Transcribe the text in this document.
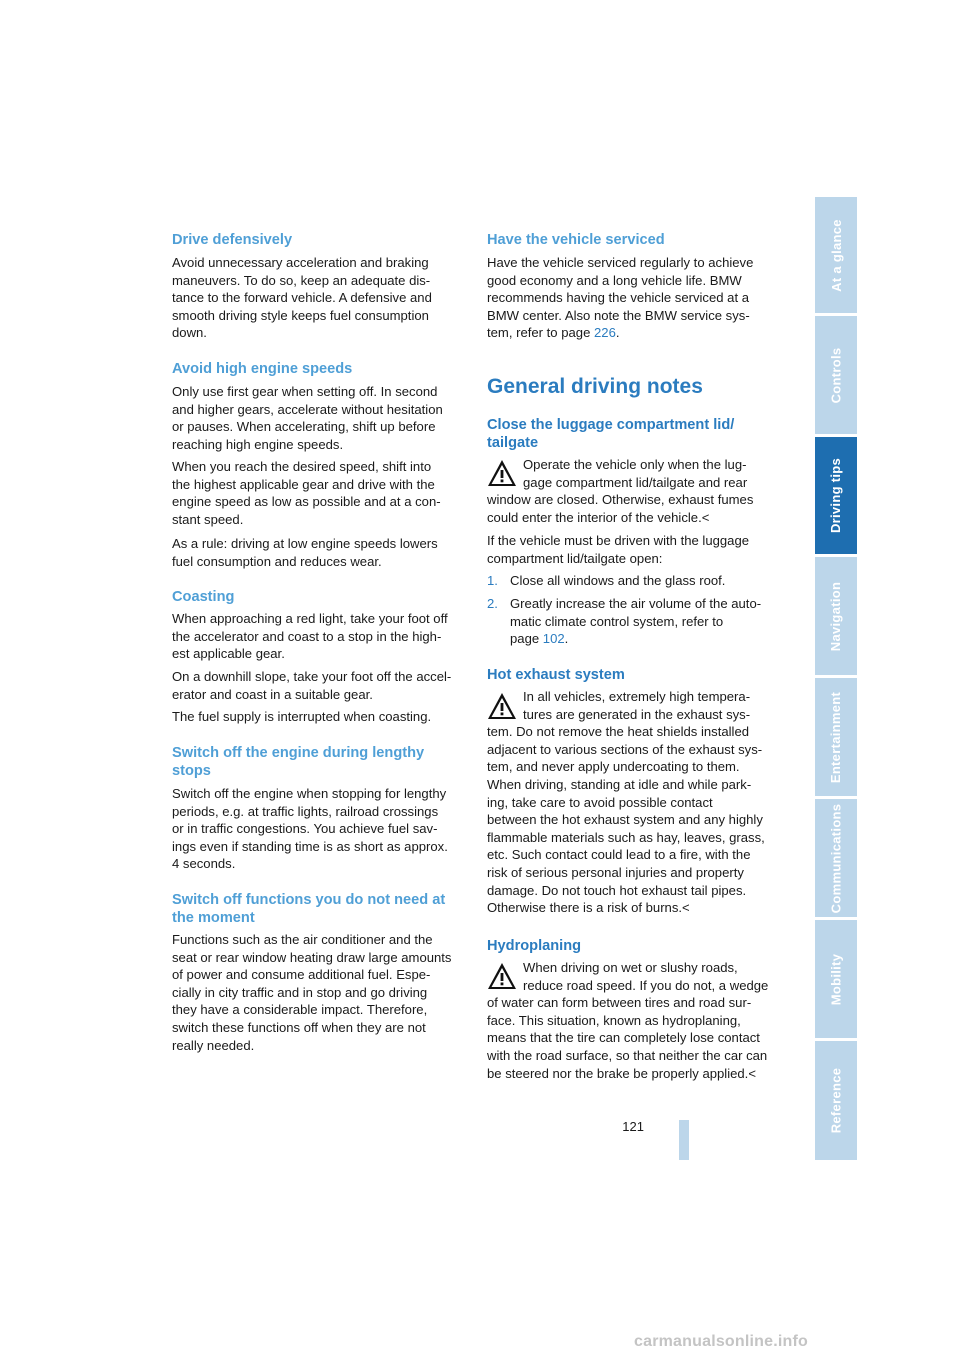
Drive defensively
Avoid unnecessary acceleration and braking
maneuvers. To do so, keep an adequate dis-
tance to the forward vehicle. A defensive and
smooth driving style keeps fuel consumption
down.
Avoid high engine speeds
Only use first gear when setting off. In second
and higher gears, accelerate without hesitation
or pauses. When accelerating, shift up before
reaching high engine speeds.
When you reach the desired speed, shift into
the highest applicable gear and drive with the
engine speed as low as possible and at a con-
stant speed.
As a rule: driving at low engine speeds lowers
fuel consumption and reduces wear.
Coasting
When approaching a red light, take your foot off
the accelerator and coast to a stop in the high-
est applicable gear.
On a downhill slope, take your foot off the accel-
erator and coast in a suitable gear.
The fuel supply is interrupted when coasting.
Switch off the engine during lengthy
stops
Switch off the engine when stopping for lengthy
periods, e.g. at traffic lights, railroad crossings
or in traffic congestions. You achieve fuel sav-
ings even if standing time is as short as approx.
4 seconds.
Switch off functions you do not need at
the moment
Functions such as the air conditioner and the
seat or rear window heating draw large amounts
of power and consume additional fuel. Espe-
cially in city traffic and in stop and go driving
they have a considerable impact. Therefore,
switch these functions off when they are not
really needed.
Have the vehicle serviced
Have the vehicle serviced regularly to achieve
good economy and a long vehicle life. BMW
recommends having the vehicle serviced at a
BMW center. Also note the BMW service sys-
tem, refer to page 226.
General driving notes
Close the luggage compartment lid/
tailgate
Operate the vehicle only when the lug-
gage compartment lid/tailgate and rear
window are closed. Otherwise, exhaust fumes
could enter the interior of the vehicle.<
If the vehicle must be driven with the luggage
compartment lid/tailgate open:
1. Close all windows and the glass roof.
2. Greatly increase the air volume of the auto-
matic climate control system, refer to
page 102.
Hot exhaust system
In all vehicles, extremely high tempera-
tures are generated in the exhaust sys-
tem. Do not remove the heat shields installed
adjacent to various sections of the exhaust sys-
tem, and never apply undercoating to them.
When driving, standing at idle and while park-
ing, take care to avoid possible contact
between the hot exhaust system and any highly
flammable materials such as hay, leaves, grass,
etc. Such contact could lead to a fire, with the
risk of serious personal injuries and property
damage. Do not touch hot exhaust tail pipes.
Otherwise there is a risk of burns.<
Hydroplaning
When driving on wet or slushy roads,
reduce road speed. If you do not, a wedge
of water can form between tires and road sur-
face. This situation, known as hydroplaning,
means that the tire can completely lose contact
with the road surface, so that neither the car can
be steered nor the brake be properly applied.<
At a glance
Controls
Driving tips
Navigation
Entertainment
Communications
Mobility
Reference
121
carmanualsonline.info
